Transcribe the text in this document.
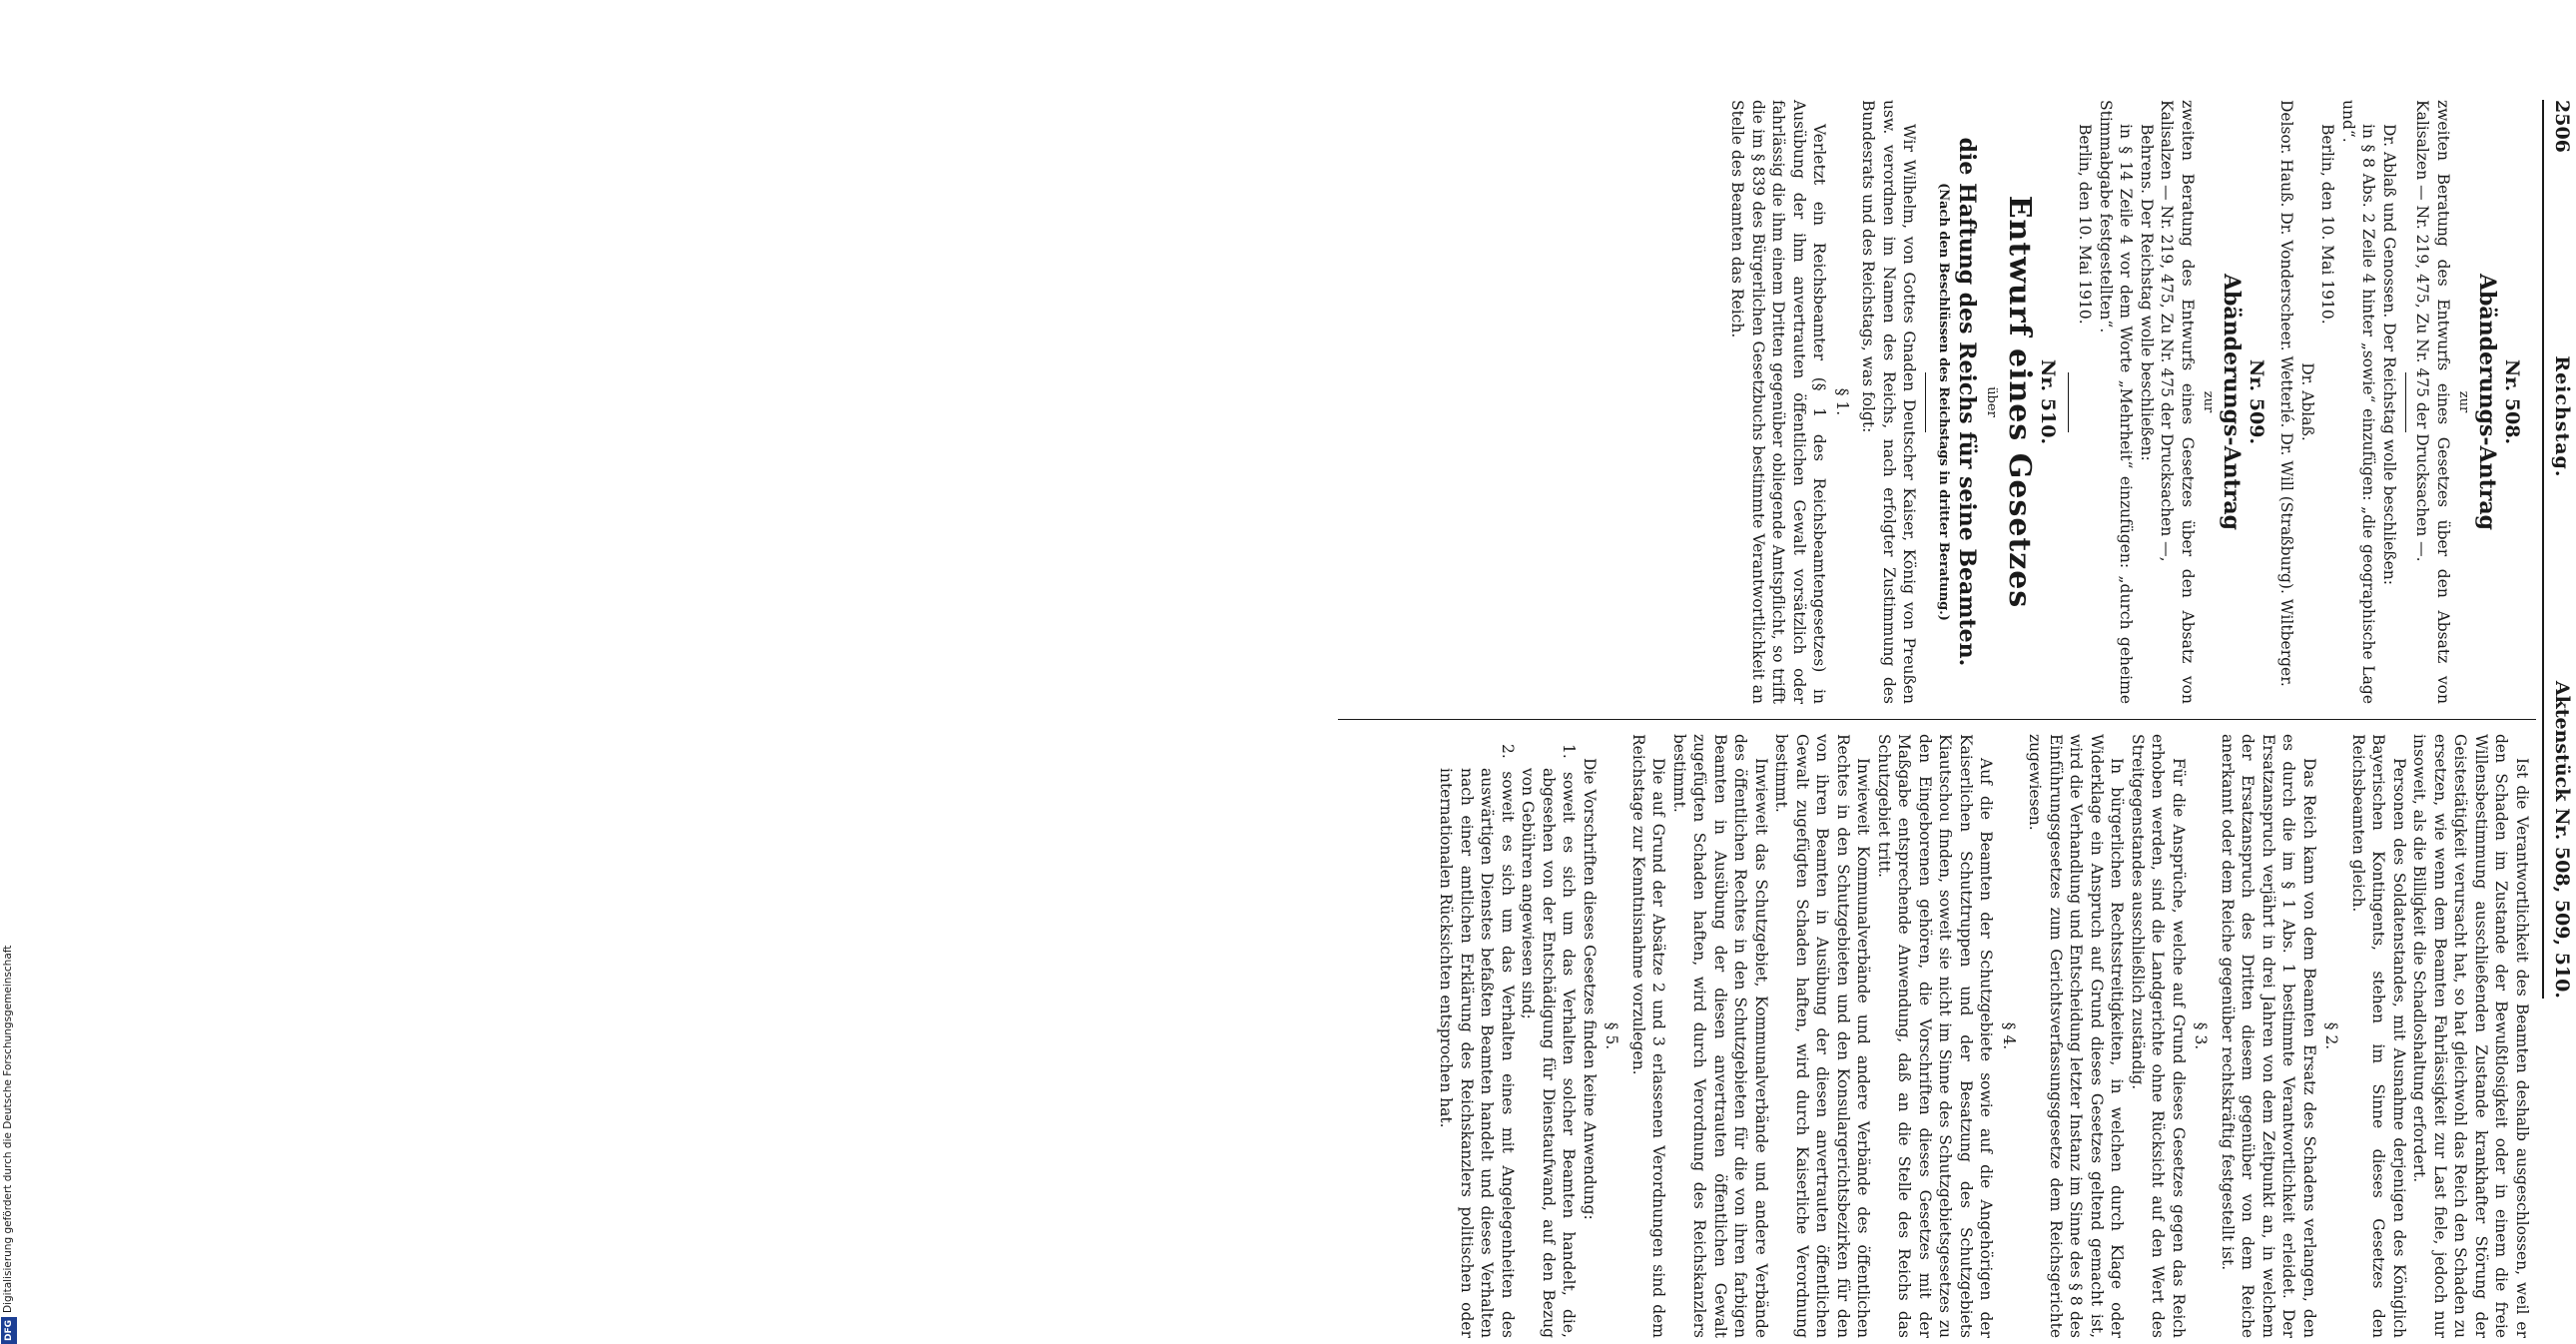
DFGDigitalisierung gefördert durch die Deutsche Forschungsgemeinschaft
2506
Reichstag.
Aktenstück Nr. 508, 509, 510.

Nr. 508.

Abänderungs-Antrag

zur

zweiten Beratung des Entwurfs eines Gesetzes über den Absatz von Kalisalzen — Nr. 219, 475, Zu Nr. 475 der Drucksachen —.

Dr. Ablaß und Genossen. Der Reichstag wolle beschließen:

in § 8 Abs. 2 Zeile 4 hinter „sowie“ einzufügen: „die geographische Lage und“.

Berlin, den 10. Mai 1910.

Dr. Ablaß.

Delsor. Hauß. Dr. Vonderscheer. Wetterlé. Dr. Will (Straßburg). Wiltberger.

Nr. 509.

Abänderungs-Antrag

zur

zweiten Beratung des Entwurfs eines Gesetzes über den Absatz von Kalisalzen — Nr. 219, 475, Zu Nr. 475 der Drucksachen —,

Behrens. Der Reichstag wolle beschließen:

in § 14 Zeile 4 vor dem Worte „Mehrheit“ einzufügen: „durch geheime Stimmabgabe festgestellten“.

Berlin, den 10. Mai 1910.

Nr. 510.

Entwurf eines Gesetzes

über

die Haftung des Reichs für seine Beamten.

(Nach den Beschlüssen des Reichstags in dritter Beratung.)

Wir Wilhelm, von Gottes Gnaden Deutscher Kaiser, König von Preußen usw. verordnen im Namen des Reichs, nach erfolgter Zustimmung des Bundesrats und des Reichstags, was folgt:

§ 1.

Verletzt ein Reichsbeamter (§ 1 des Reichsbeamtengesetzes) in Ausübung der ihm anvertrauten öffentlichen Gewalt vorsätzlich oder fahrlässig die ihm einem Dritten gegenüber obliegende Amtspflicht, so trifft die im § 839 des Bürgerlichen Gesetzbuchs bestimmte Verantwortlichkeit an Stelle des Beamten das Reich.

Ist die Verantwortlichkeit des Beamten deshalb ausgeschlossen, weil er den Schaden im Zustande der Bewußtlosigkeit oder in einem die freie Willensbestimmung ausschließenden Zustande krankhafter Störung der Geistestätigkeit verursacht hat, so hat gleichwohl das Reich den Schaden zu ersetzen, wie wenn dem Beamten Fahrlässigkeit zur Last fiele, jedoch nur insoweit, als die Billigkeit die Schadloshaltung erfordert.

Personen des Soldatenstandes, mit Ausnahme derjenigen des Königlich Bayerischen Kontingents, stehen im Sinne dieses Gesetzes den Reichsbeamten gleich.

§ 2.

Das Reich kann von dem Beamten Ersatz des Schadens verlangen, den es durch die im § 1 Abs. 1 bestimmte Verantwortlichkeit erleidet. Der Ersatzanspruch verjährt in drei Jahren von dem Zeitpunkt an, in welchem der Ersatzanspruch des Dritten diesem gegenüber von dem Reiche anerkannt oder dem Reiche gegenüber rechtskräftig festgestellt ist.

§ 3.

Für die Ansprüche, welche auf Grund dieses Gesetzes gegen das Reich erhoben werden, sind die Landgerichte ohne Rücksicht auf den Wert des Streitgegenstandes ausschließlich zuständig.

In bürgerlichen Rechtsstreitigkeiten, in welchen durch Klage oder Widerklage ein Anspruch auf Grund dieses Gesetzes geltend gemacht ist, wird die Verhandlung und Entscheidung letzter Instanz im Sinne des § 8 des Einführungsgesetzes zum Gerichtsverfassungsgesetze dem Reichsgerichte zugewiesen.

§ 4.

Auf die Beamten der Schutzgebiete sowie auf die Angehörigen der Kaiserlichen Schutztruppen und der Besatzung des Schutzgebiets Kiautschou finden, soweit sie nicht im Sinne des Schutzgebietsgesetzes zu den Eingeborenen gehören, die Vorschriften dieses Gesetzes mit der Maßgabe entsprechende Anwendung, daß an die Stelle des Reichs das Schutzgebiet tritt.

Inwieweit Kommunalverbände und andere Verbände des öffentlichen Rechtes in den Schutzgebieten und den Konsulargerichtsbezirken für den von ihren Beamten in Ausübung der diesen anvertrauten öffentlichen Gewalt zugefügten Schaden haften, wird durch Kaiserliche Verordnung bestimmt.

Inwieweit das Schutzgebiet, Kommunalverbände und andere Verbände des öffentlichen Rechtes in den Schutzgebieten für die von ihren farbigen Beamten in Ausübung der diesen anvertrauten öffentlichen Gewalt zugefügten Schaden haften, wird durch Verordnung des Reichskanzlers bestimmt.

Die auf Grund der Absätze 2 und 3 erlassenen Verordnungen sind dem Reichstage zur Kenntnisnahme vorzulegen.

§ 5.

Die Vorschriften dieses Gesetzes finden keine Anwendung:

1. soweit es sich um das Verhalten solcher Beamten handelt, die, abgesehen von der Entschädigung für Dienstaufwand, auf den Bezug von Gebühren angewiesen sind;

2. soweit es sich um das Verhalten eines mit Angelegenheiten des auswärtigen Dienstes befaßten Beamten handelt und dieses Verhalten nach einer amtlichen Erklärung des Reichskanzlers politischen oder internationalen Rücksichten entsprochen hat.
